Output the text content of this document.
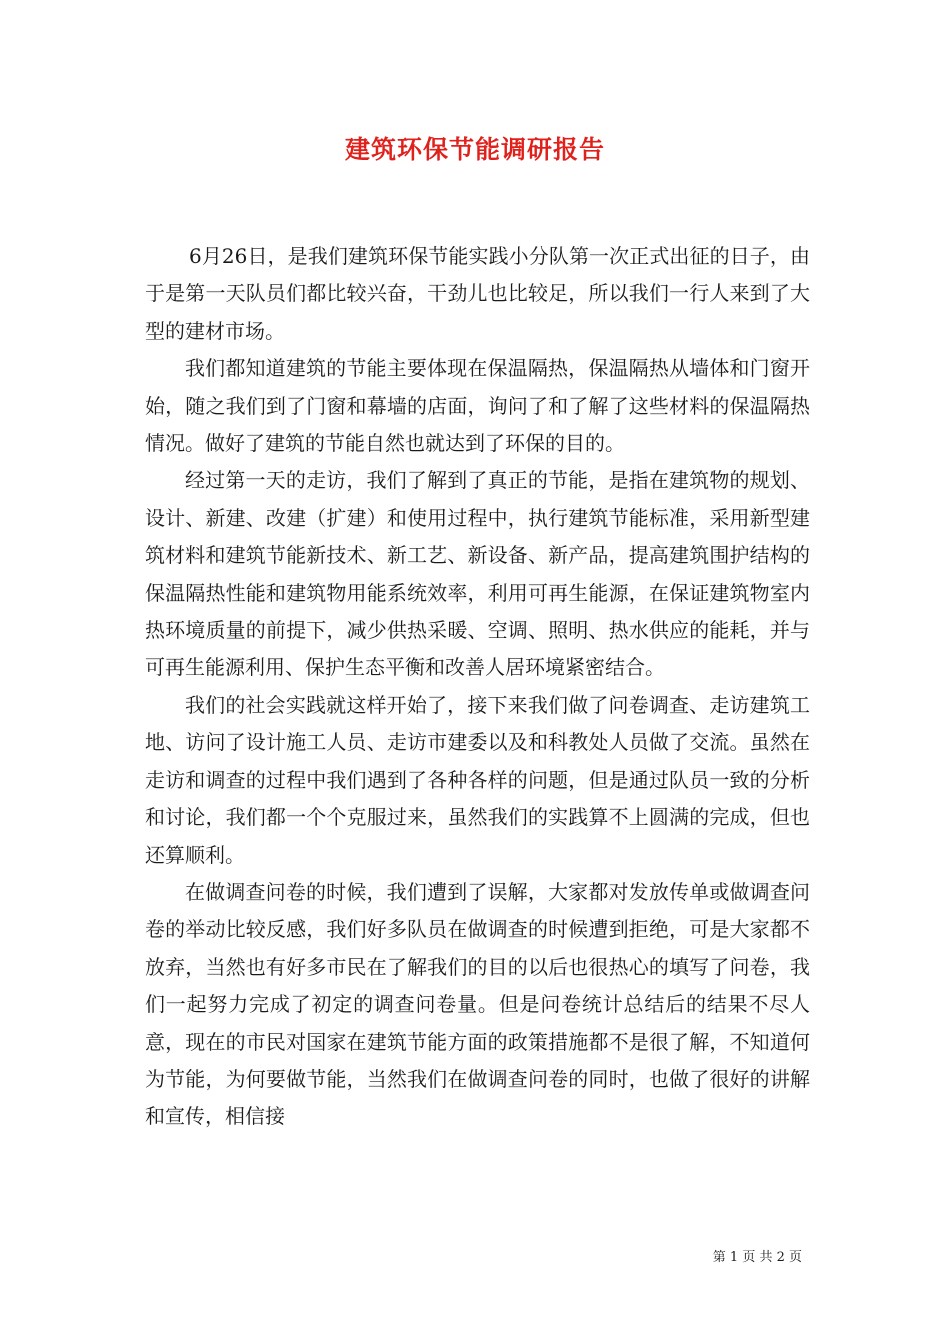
建筑环保节能调研报告

6月26日，是我们建筑环保节能实践小分队第一次正式出征的日子，由于是第一天队员们都比较兴奋，干劲儿也比较足，所以我们一行人来到了大型的建材市场。

我们都知道建筑的节能主要体现在保温隔热，保温隔热从墙体和门窗开始，随之我们到了门窗和幕墙的店面，询问了和了解了这些材料的保温隔热情况。做好了建筑的节能自然也就达到了环保的目的。

经过第一天的走访，我们了解到了真正的节能，是指在建筑物的规划、设计、新建、改建（扩建）和使用过程中，执行建筑节能标准，采用新型建筑材料和建筑节能新技术、新工艺、新设备、新产品，提高建筑围护结构的保温隔热性能和建筑物用能系统效率，利用可再生能源，在保证建筑物室内热环境质量的前提下，减少供热采暖、空调、照明、热水供应的能耗，并与可再生能源利用、保护生态平衡和改善人居环境紧密结合。

我们的社会实践就这样开始了，接下来我们做了问卷调查、走访建筑工地、访问了设计施工人员、走访市建委以及和科教处人员做了交流。虽然在走访和调查的过程中我们遇到了各种各样的问题，但是通过队员一致的分析和讨论，我们都一个个克服过来，虽然我们的实践算不上圆满的完成，但也还算顺利。

在做调查问卷的时候，我们遭到了误解，大家都对发放传单或做调查问卷的举动比较反感，我们好多队员在做调查的时候遭到拒绝，可是大家都不放弃，当然也有好多市民在了解我们的目的以后也很热心的填写了问卷，我们一起努力完成了初定的调查问卷量。但是问卷统计总结后的结果不尽人意，现在的市民对国家在建筑节能方面的政策措施都不是很了解，不知道何为节能，为何要做节能，当然我们在做调查问卷的同时，也做了很好的讲解和宣传，相信接

第 1 页 共 2 页
